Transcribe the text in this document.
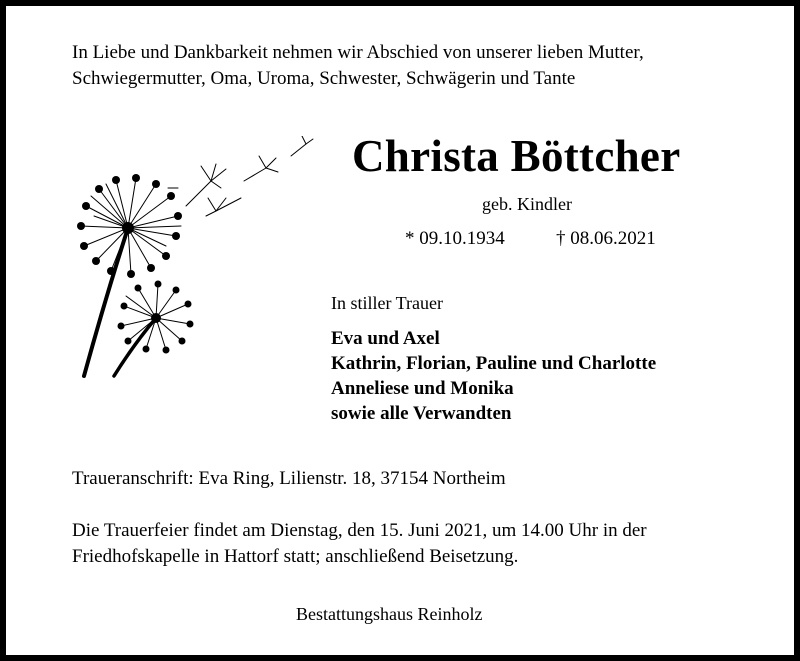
In Liebe und Dankbarkeit nehmen wir Abschied von unserer lieben Mutter, Schwiegermutter, Oma, Uroma, Schwester, Schwägerin und Tante
Christa Böttcher
geb. Kindler
* 09.10.1934	† 08.06.2021
In stiller Trauer
Eva und Axel
Kathrin, Florian, Pauline und Charlotte
Anneliese und Monika
sowie alle Verwandten
Traueranschrift: Eva Ring, Lilienstr. 18, 37154 Northeim
Die Trauerfeier findet am Dienstag, den 15. Juni 2021, um 14.00 Uhr in der Friedhofskapelle in Hattorf statt; anschließend Beisetzung.
Bestattungshaus Reinholz
